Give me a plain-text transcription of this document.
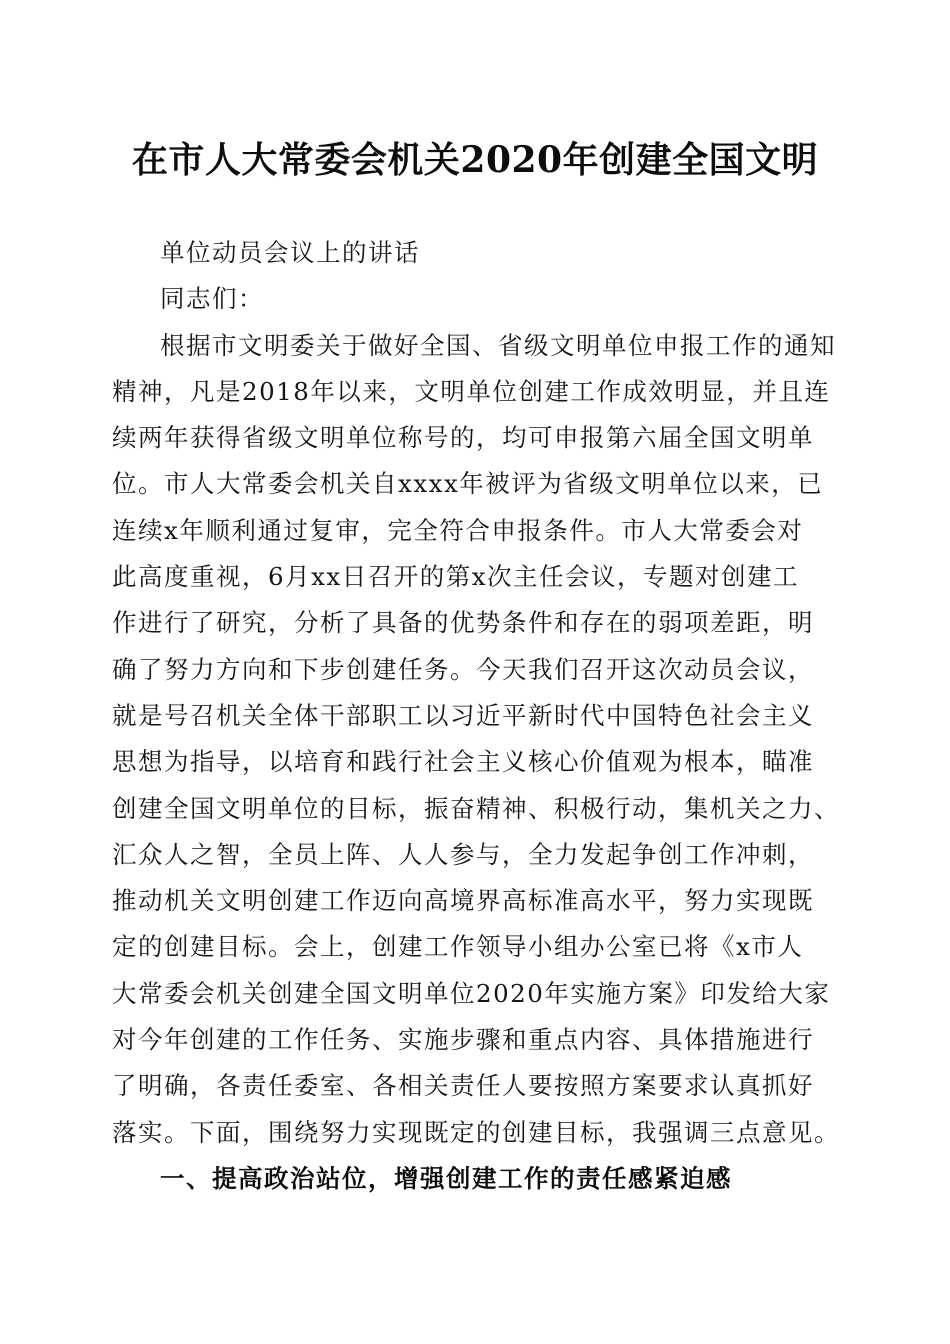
在市人大常委会机关2020年创建全国文明
单位动员会议上的讲话
同志们：
根据市文明委关于做好全国、省级文明单位申报工作的通知
精神，凡是2018年以来，文明单位创建工作成效明显，并且连
续两年获得省级文明单位称号的，均可申报第六届全国文明单
位。市人大常委会机关自xxxx年被评为省级文明单位以来，已
连续x年顺利通过复审，完全符合申报条件。市人大常委会对
此高度重视，6月xx日召开的第x次主任会议，专题对创建工
作进行了研究，分析了具备的优势条件和存在的弱项差距，明
确了努力方向和下步创建任务。今天我们召开这次动员会议，
就是号召机关全体干部职工以习近平新时代中国特色社会主义
思想为指导，以培育和践行社会主义核心价值观为根本，瞄准
创建全国文明单位的目标，振奋精神、积极行动，集机关之力、
汇众人之智，全员上阵、人人参与，全力发起争创工作冲刺，
推动机关文明创建工作迈向高境界高标准高水平，努力实现既
定的创建目标。会上，创建工作领导小组办公室已将《x市人
大常委会机关创建全国文明单位2020年实施方案》印发给大家
对今年创建的工作任务、实施步骤和重点内容、具体措施进行
了明确，各责任委室、各相关责任人要按照方案要求认真抓好
落实。下面，围绕努力实现既定的创建目标，我强调三点意见。
一、提高政治站位，增强创建工作的责任感紧迫感
